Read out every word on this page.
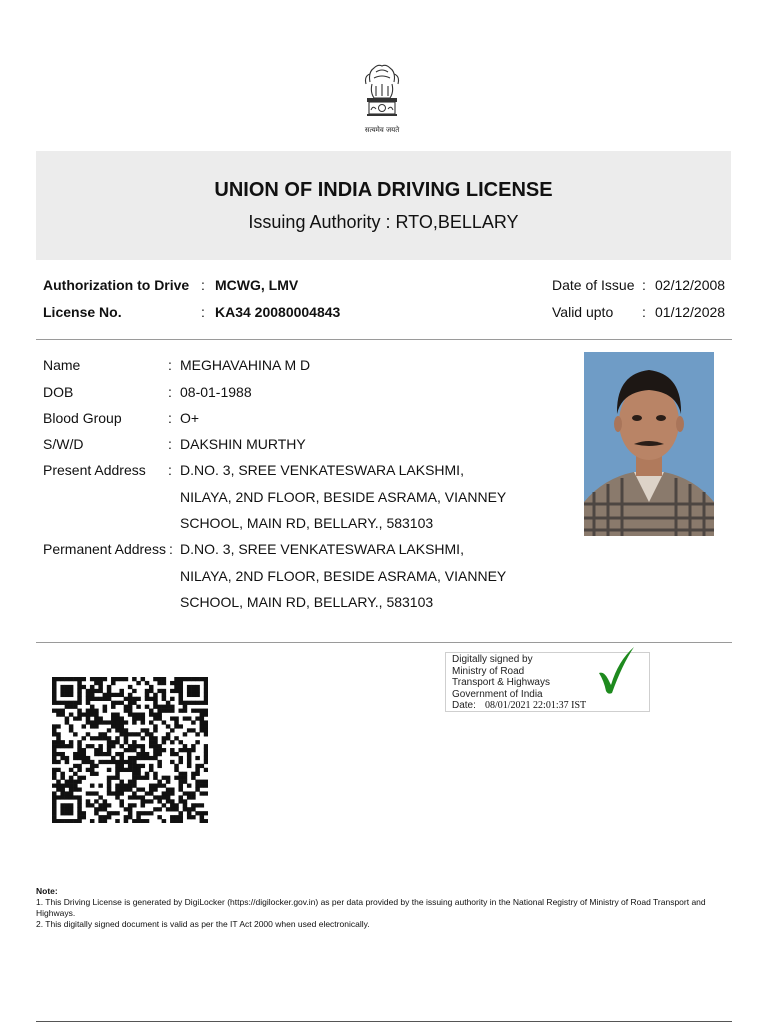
सत्यमेव जयते
UNION OF INDIA DRIVING LICENSE
Issuing Authority : RTO,BELLARY
Authorization to Drive : MCWG, LMV
License No.	: KA34 20080004843
Date of Issue : 02/12/2008
Valid upto : 01/12/2028
Name	: MEGHAVAHINA M D
DOB	: 08-01-1988
Blood Group	: O+
S/W/D	: DAKSHIN MURTHY
Present Address : D.NO. 3, SREE VENKATESWARA LAKSHMI,
NILAYA, 2ND FLOOR, BESIDE ASRAMA, VIANNEY
SCHOOL, MAIN RD, BELLARY., 583103
Permanent Address : D.NO. 3, SREE VENKATESWARA LAKSHMI,
NILAYA, 2ND FLOOR, BESIDE ASRAMA, VIANNEY
SCHOOL, MAIN RD, BELLARY., 583103
Digitally signed by
Ministry of Road
Transport & Highways
Government of India
Date: 08/01/2021 22:01:37 IST
Note:
1. This Driving License is generated by DigiLocker (https://digilocker.gov.in) as per data provided by the issuing authority in the National Registry of Ministry of Road Transport and Highways.
2. This digitally signed document is valid as per the IT Act 2000 when used electronically.
